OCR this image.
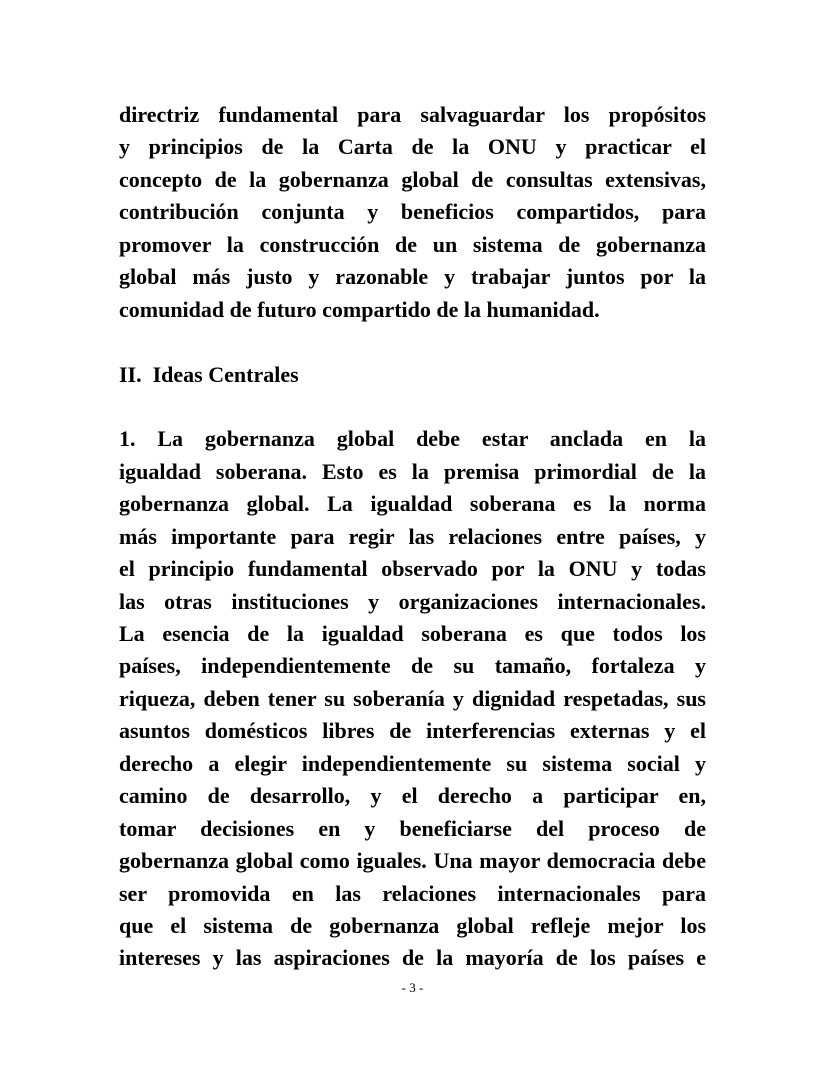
directriz fundamental para salvaguardar los propósitos
y principios de la Carta de la ONU y practicar el
concepto de la gobernanza global de consultas extensivas,
contribución conjunta y beneficios compartidos, para
promover la construcción de un sistema de gobernanza
global más justo y razonable y trabajar juntos por la
comunidad de futuro compartido de la humanidad.
II.  Ideas Centrales
1. La gobernanza global debe estar anclada en la
igualdad soberana. Esto es la premisa primordial de la
gobernanza global. La igualdad soberana es la norma
más importante para regir las relaciones entre países, y
el principio fundamental observado por la ONU y todas
las otras instituciones y organizaciones internacionales.
La esencia de la igualdad soberana es que todos los
países, independientemente de su tamaño, fortaleza y
riqueza, deben tener su soberanía y dignidad respetadas, sus
asuntos domésticos libres de interferencias externas y el
derecho a elegir independientemente su sistema social y
camino de desarrollo, y el derecho a participar en,
tomar decisiones en y beneficiarse del proceso de
gobernanza global como iguales. Una mayor democracia debe
ser promovida en las relaciones internacionales para
que el sistema de gobernanza global refleje mejor los
intereses y las aspiraciones de la mayoría de los países e
- 3 -
